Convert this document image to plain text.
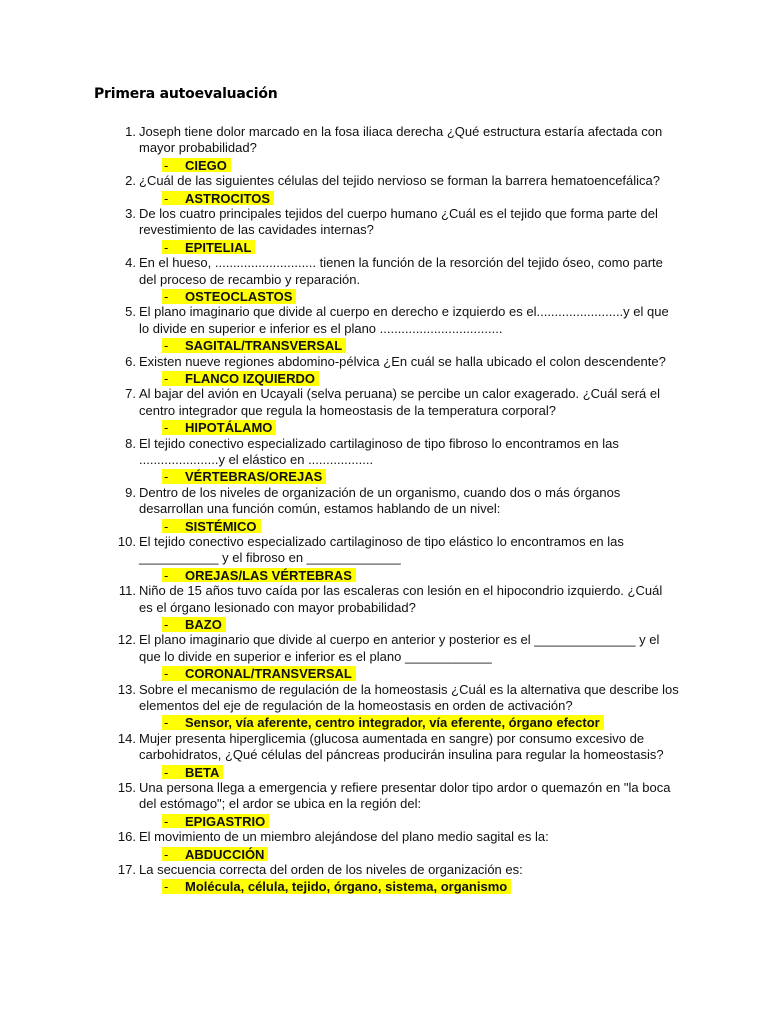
Primera autoevaluación
1. Joseph tiene dolor marcado en la fosa iliaca derecha ¿Qué estructura estaría afectada con mayor probabilidad?
- CIEGO
2. ¿Cuál de las siguientes células del tejido nervioso se forman la barrera hematoencefálica?
- ASTROCITOS
3. De los cuatro principales tejidos del cuerpo humano ¿Cuál es el tejido que forma parte del revestimiento de las cavidades internas?
- EPITELIAL
4. En el hueso, ............................ tienen la función de la resorción del tejido óseo, como parte del proceso de recambio y reparación.
- OSTEOCLASTOS
5. El plano imaginario que divide al cuerpo en derecho e izquierdo es el........................y el que lo divide en superior e inferior es el plano ..................................
- SAGITAL/TRANSVERSAL
6. Existen nueve regiones abdomino-pélvica ¿En cuál se halla ubicado el colon descendente?
- FLANCO IZQUIERDO
7. Al bajar del avión en Ucayali (selva peruana) se percibe un calor exagerado. ¿Cuál será el centro integrador que regula la homeostasis de la temperatura corporal?
- HIPOTÁLAMO
8. El tejido conectivo especializado cartilaginoso de tipo fibroso lo encontramos en las ......................y el elástico en ..................
- VÉRTEBRAS/OREJAS
9. Dentro de los niveles de organización de un organismo, cuando dos o más órganos desarrollan una función común, estamos hablando de un nivel:
- SISTÉMICO
10. El tejido conectivo especializado cartilaginoso de tipo elástico lo encontramos en las ___________ y el fibroso en _____________
- OREJAS/LAS VÉRTEBRAS
11. Niño de 15 años tuvo caída por las escaleras con lesión en el hipocondrio izquierdo. ¿Cuál es el órgano lesionado con mayor probabilidad?
- BAZO
12. El plano imaginario que divide al cuerpo en anterior y posterior es el ______________ y el que lo divide en superior e inferior es el plano ____________
- CORONAL/TRANSVERSAL
13. Sobre el mecanismo de regulación de la homeostasis ¿Cuál es la alternativa que describe los elementos del eje de regulación de la homeostasis en orden de activación?
- Sensor, vía aferente, centro integrador, vía eferente, órgano efector
14. Mujer presenta hiperglicemia (glucosa aumentada en sangre) por consumo excesivo de carbohidratos, ¿Qué células del páncreas producirán insulina para regular la homeostasis?
- BETA
15. Una persona llega a emergencia y refiere presentar dolor tipo ardor o quemazón en "la boca del estómago"; el ardor se ubica en la región del:
- EPIGASTRIO
16. El movimiento de un miembro alejándose del plano medio sagital es la:
- ABDUCCIÓN
17. La secuencia correcta del orden de los niveles de organización es:
- Molécula, célula, tejido, órgano, sistema, organismo
